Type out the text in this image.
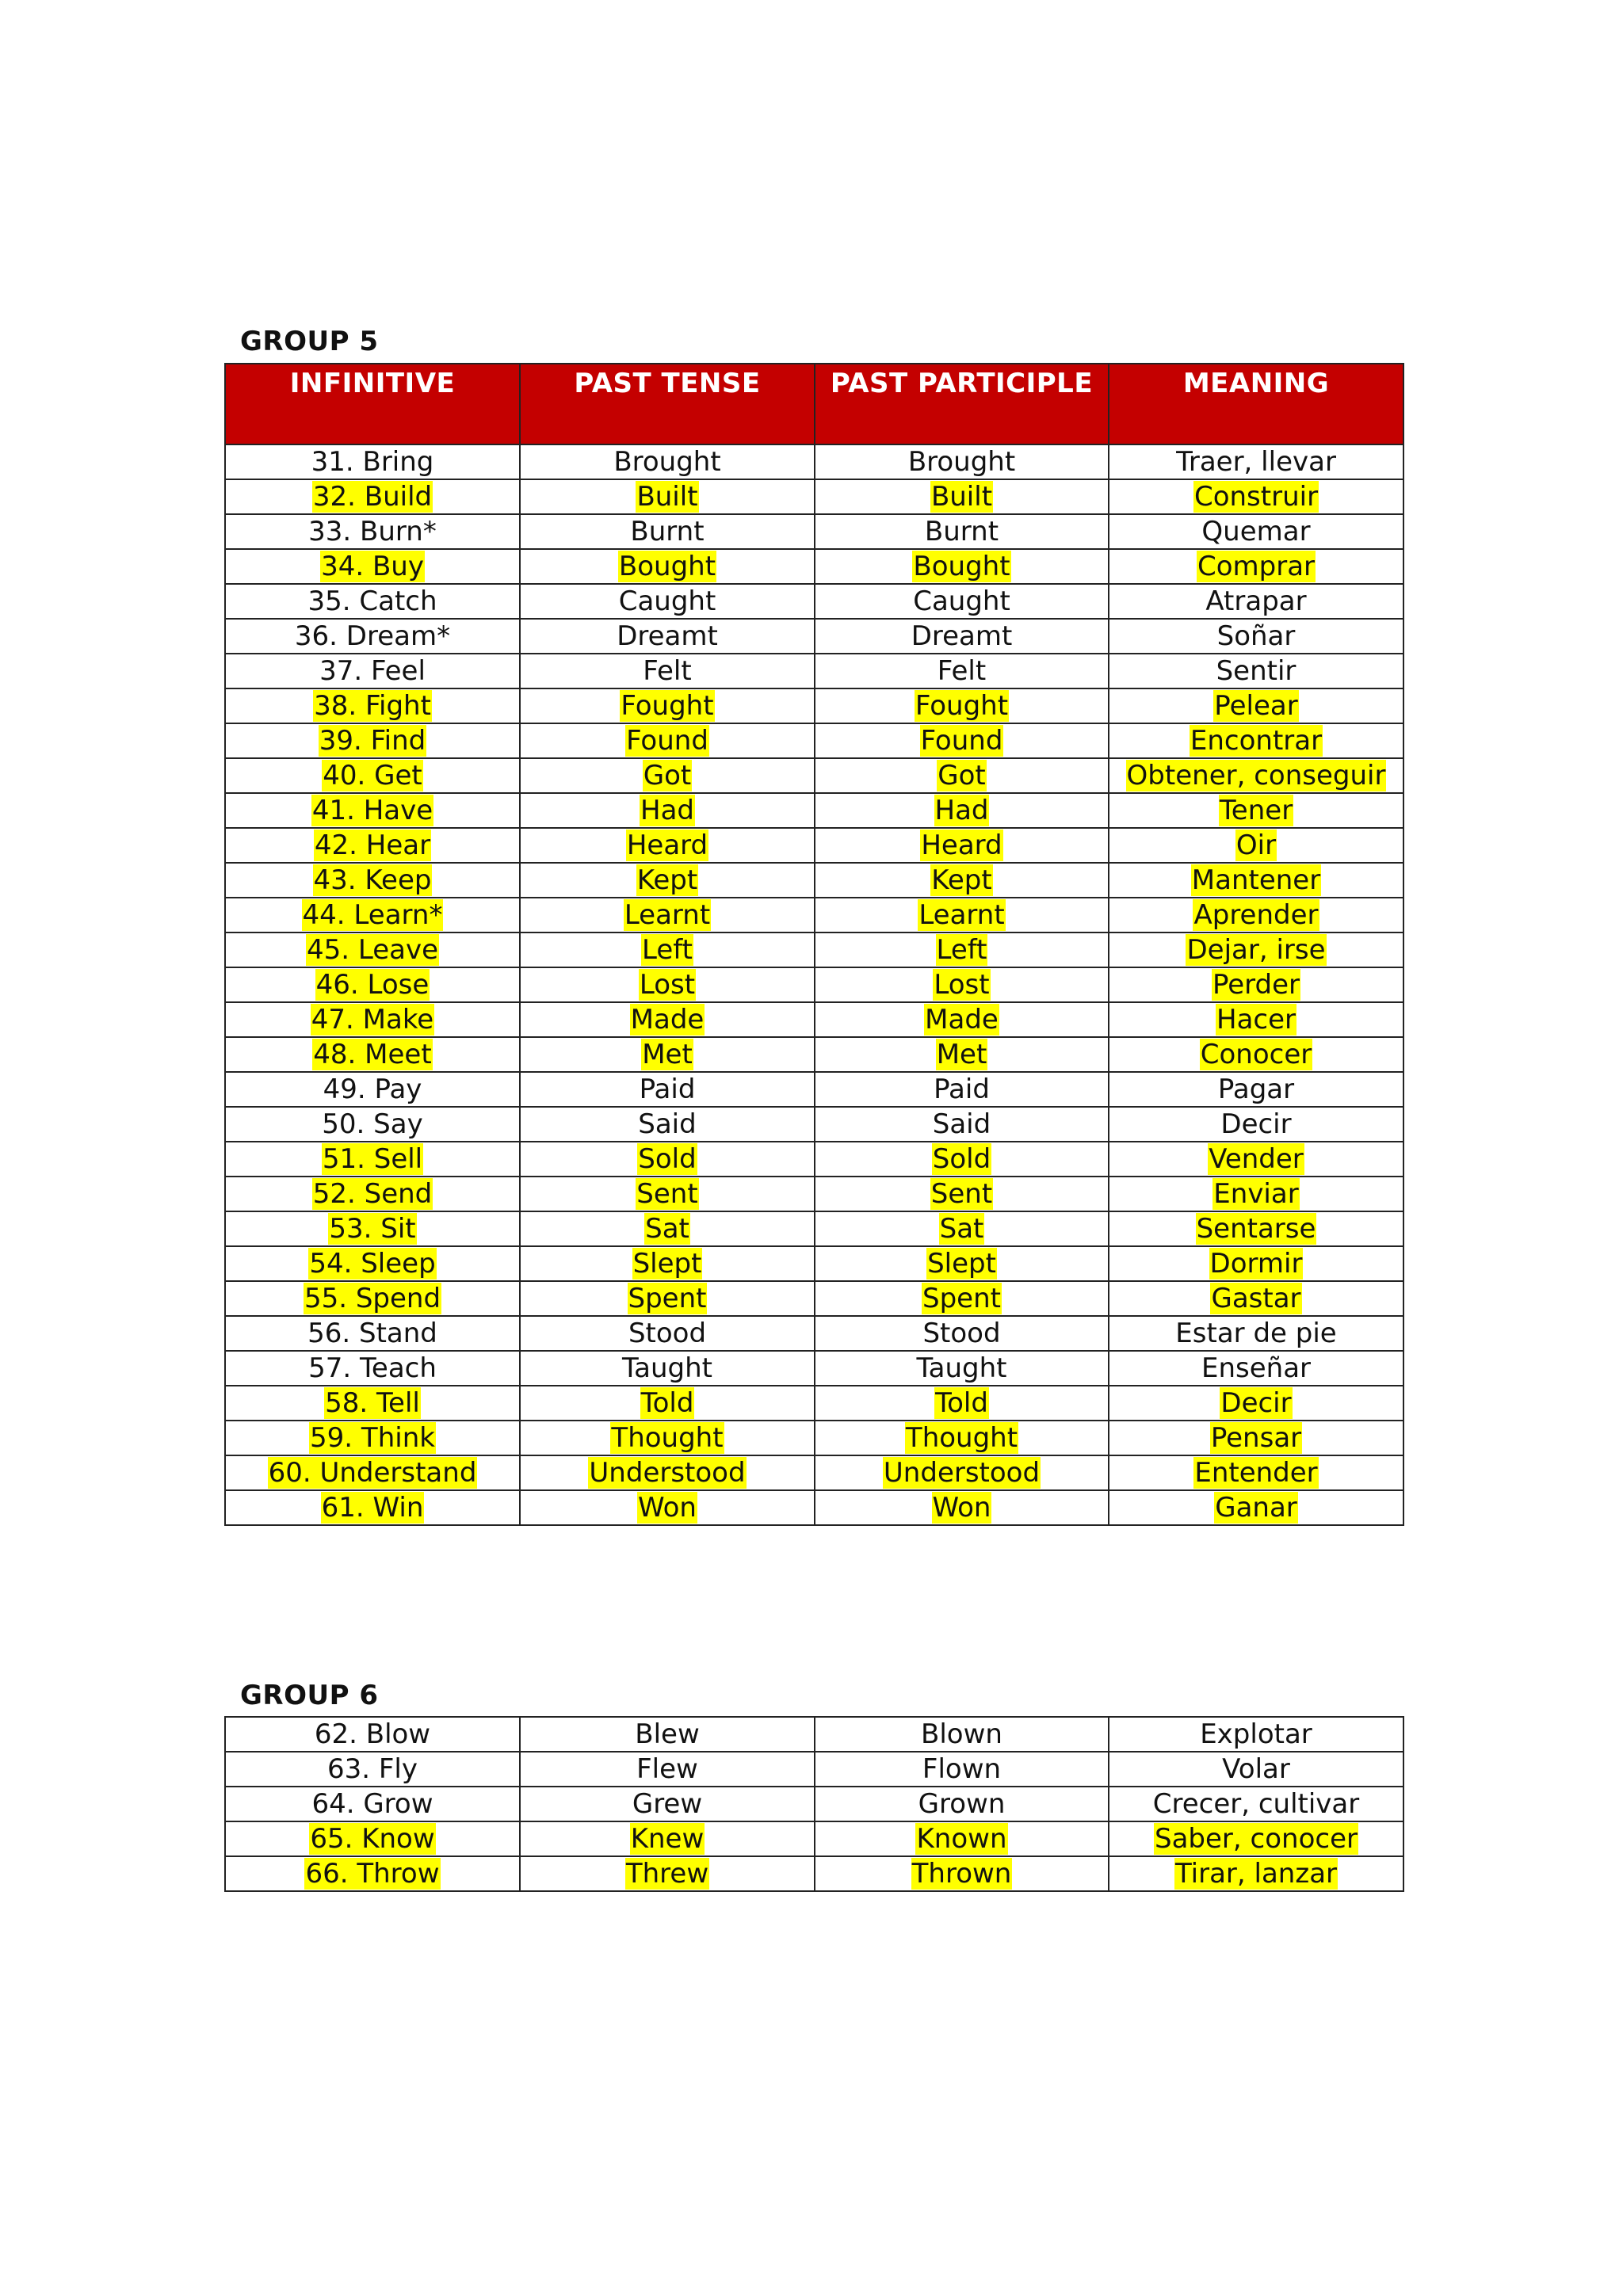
GROUP 5
INFINITIVE	PAST TENSE	PAST PARTICIPLE	MEANING
31. Bring	Brought	Brought	Traer, llevar
32. Build	Built	Built	Construir
33. Burn*	Burnt	Burnt	Quemar
34. Buy	Bought	Bought	Comprar
35. Catch	Caught	Caught	Atrapar
36. Dream*	Dreamt	Dreamt	Soñar
37. Feel	Felt	Felt	Sentir
38. Fight	Fought	Fought	Pelear
39. Find	Found	Found	Encontrar
40. Get	Got	Got	Obtener, conseguir
41. Have	Had	Had	Tener
42. Hear	Heard	Heard	Oir
43. Keep	Kept	Kept	Mantener
44. Learn*	Learnt	Learnt	Aprender
45. Leave	Left	Left	Dejar, irse
46. Lose	Lost	Lost	Perder
47. Make	Made	Made	Hacer
48. Meet	Met	Met	Conocer
49. Pay	Paid	Paid	Pagar
50. Say	Said	Said	Decir
51. Sell	Sold	Sold	Vender
52. Send	Sent	Sent	Enviar
53. Sit	Sat	Sat	Sentarse
54. Sleep	Slept	Slept	Dormir
55. Spend	Spent	Spent	Gastar
56. Stand	Stood	Stood	Estar de pie
57. Teach	Taught	Taught	Enseñar
58. Tell	Told	Told	Decir
59. Think	Thought	Thought	Pensar
60. Understand	Understood	Understood	Entender
61. Win	Won	Won	Ganar
GROUP 6
62. Blow	Blew	Blown	Explotar
63. Fly	Flew	Flown	Volar
64. Grow	Grew	Grown	Crecer, cultivar
65. Know	Knew	Known	Saber, conocer
66. Throw	Threw	Thrown	Tirar, lanzar
